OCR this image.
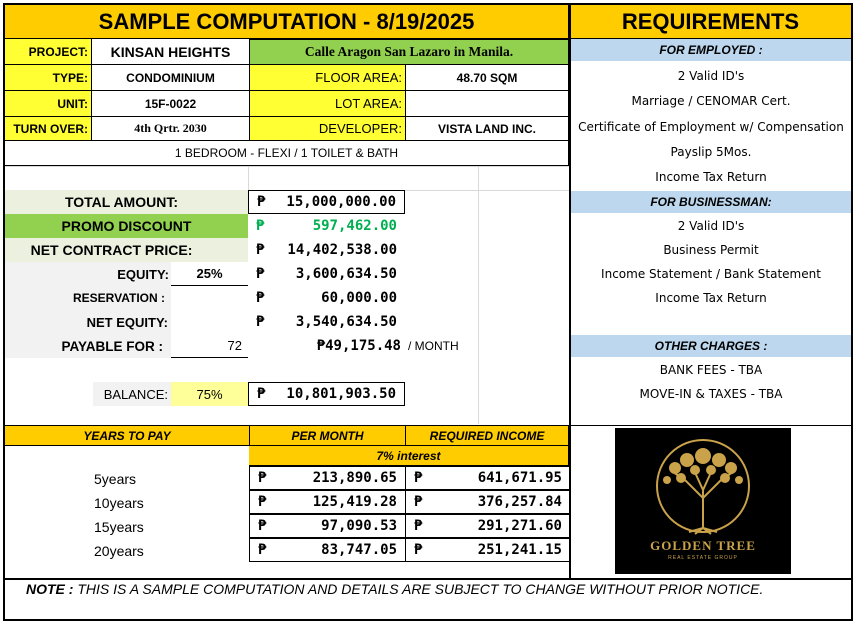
SAMPLE COMPUTATION - 8/19/2025	REQUIREMENTS
PROJECT: KINSAN HEIGHTS	Calle Aragon San Lazaro in Manila.
TYPE:	CONDOMINIUM	FLOOR AREA:	48.70 SQM
UNIT:	15F-0022	LOT AREA:
TURN OVER:	4th Qrtr. 2030	DEVELOPER:	VISTA LAND INC.
1 BEDROOM - FLEXI / 1 TOILET & BATH
TOTAL AMOUNT:	₱ 15,000,000.00
PROMO DISCOUNT	₱	597,462.00
NET CONTRACT PRICE:	₱ 14,402,538.00
EQUITY: 25% ₱ 3,600,634.50
RESERVATION :	₱	60,000.00
NET EQUITY:	₱ 3,540,634.50
PAYABLE FOR :	72	₱49,175.48 / MONTH
BALANCE: 75% ₱ 10,801,903.50
YEARS TO PAY	PER MONTH	REQUIRED INCOME
7% interest
5years	₱	213,890.65 ₱	641,671.95
10years	₱	125,419.28 ₱	376,257.84
15years	₱	97,090.53 ₱	291,271.60
20years	₱	83,747.05 ₱	251,241.15
FOR EMPLOYED :
2 Valid ID's
Marriage / CENOMAR Cert.
Certificate of Employment w/ Compensation
Payslip 5Mos.
Income Tax Return
FOR BUSINESSMAN:
2 Valid ID's
Business Permit
Income Statement / Bank Statement
Income Tax Return
OTHER CHARGES :
BANK FEES - TBA
MOVE-IN & TAXES - TBA
GOLDEN TREE
REAL ESTATE GROUP
NOTE :
THIS IS A SAMPLE COMPUTATION AND DETAILS ARE SUBJECT TO CHANGE WITHOUT PRIOR NOTICE.
